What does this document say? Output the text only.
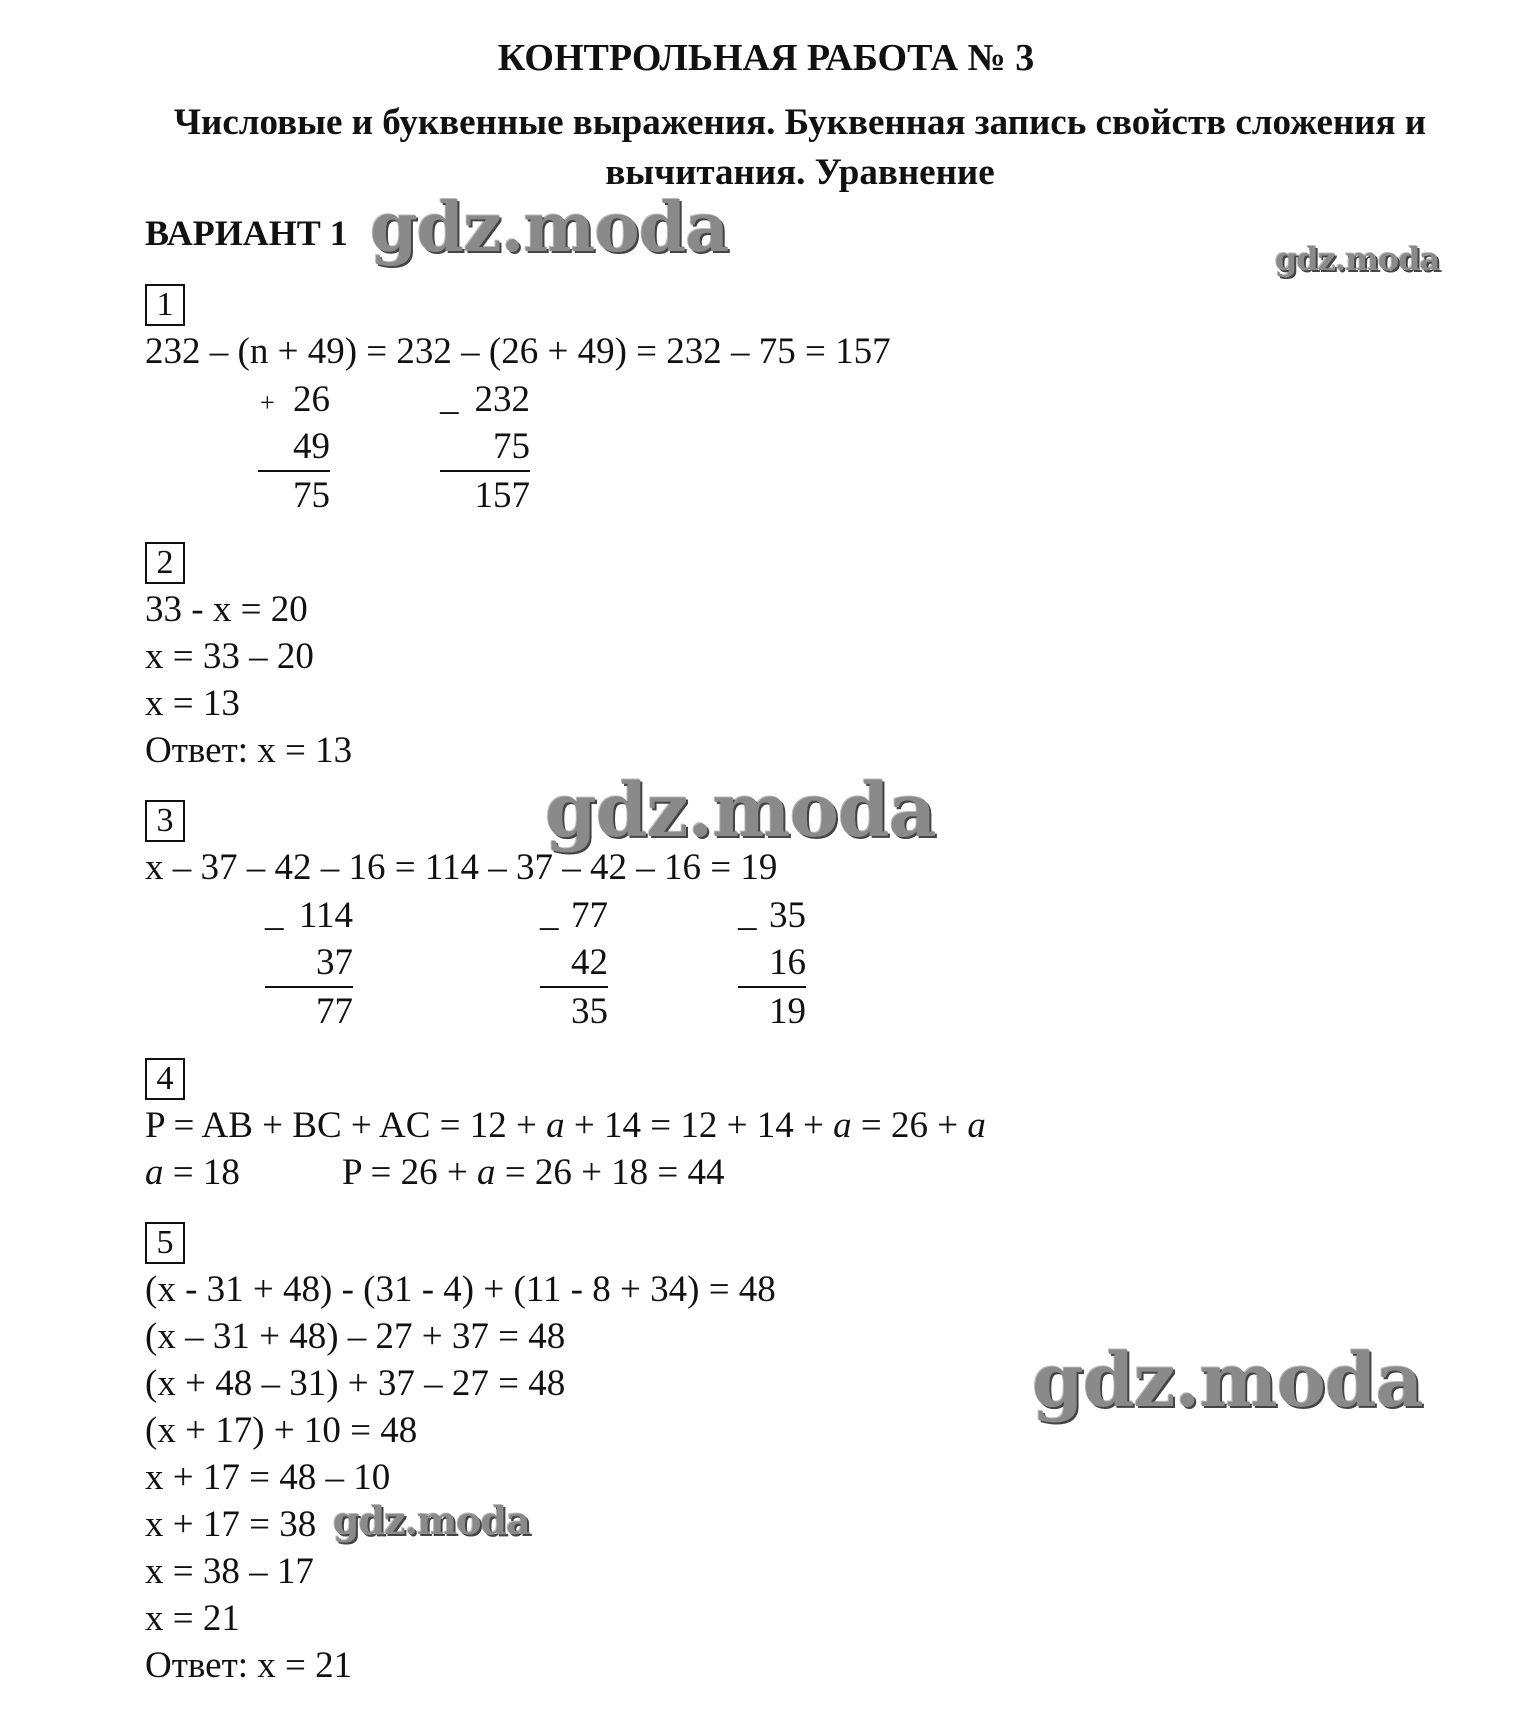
КОНТРОЛЬНАЯ РАБОТА № 3
Числовые и буквенные выражения. Буквенная запись свойств сложения и
вычитания. Уравнение
ВАРИАНТ 1 gdz.moda	gdz.moda
gdz.moda
gdz.moda
gdz.moda
1
232 – (n + 49) = 232 – (26 + 49) = 232 – 75 = 157
+ 26
49
75
_ 232
75
157
2
33 - x = 20
x = 33 – 20
x = 13
Ответ: x = 13
3
x – 37 – 42 – 16 = 114 – 37 – 42 – 16 = 19
_ 114
37
77
_ 77
42
35
_ 35
16
19
4
P = AB + BC + AC = 12 + a + 14 = 12 + 14 + a = 26 + a
a = 18	P = 26 + a = 26 + 18 = 44
5
(x - 31 + 48) - (31 - 4) + (11 - 8 + 34) = 48
(x – 31 + 48) – 27 + 37 = 48
(x + 48 – 31) + 37 – 27 = 48
(x + 17) + 10 = 48
x + 17 = 48 – 10
x + 17 = 38
x = 38 – 17
x = 21
Ответ: x = 21
